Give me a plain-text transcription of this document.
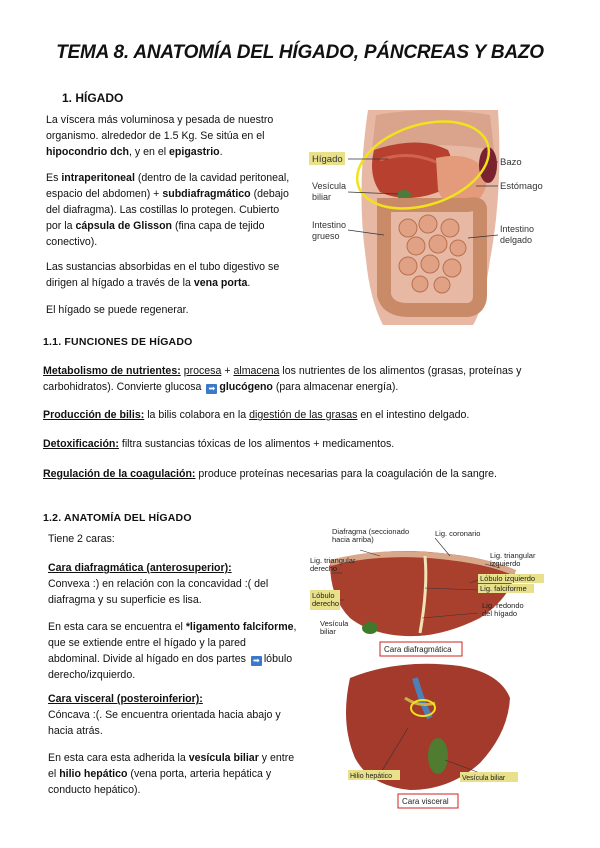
TEMA 8. ANATOMÍA DEL HÍGADO, PÁNCREAS Y BAZO
1. HÍGADO
La víscera más voluminosa y pesada de nuestro organismo. alrededor de 1.5 Kg. Se sitúa en el hipocondrio dch, y en el epigastrio.
Es intraperitoneal (dentro de la cavidad peritoneal, espacio del abdomen) + subdiafragmático (debajo del diafragma). Las costillas lo protegen. Cubierto por la cápsula de Glisson (fina capa de tejido conectivo).
Las sustancias absorbidas en el tubo digestivo se dirigen al hígado a través de la vena porta.
El hígado se puede regenerar.
Hígado
Vesícula biliar
Intestino grueso
Bazo
Estómago
Intestino delgado
1.1. FUNCIONES DE HÍGADO
Metabolismo de nutrientes: procesa + almacena los nutrientes de los alimentos (grasas, proteínas y carbohidratos). Convierte glucosa ➡ glucógeno (para almacenar energía).
Producción de bilis: la bilis colabora en la digestión de las grasas en el intestino delgado.
Detoxificación: filtra sustancias tóxicas de los alimentos + medicamentos.
Regulación de la coagulación: produce proteínas necesarias para la coagulación de la sangre.
1.2. ANATOMÍA DEL HÍGADO
Tiene 2 caras:
Cara diafragmática (anterosuperior):
Convexa :) en relación con la concavidad :( del diafragma y su superficie es lisa.
En esta cara se encuentra el *ligamento falciforme, que se extiende entre el hígado y la pared abdominal. Divide al hígado en dos partes ➡ lóbulo derecho/izquierdo.
Cara visceral (posteroinferior):
Cóncava :(. Se encuentra orientada hacia abajo y hacia atrás.
En esta cara esta adherida la vesícula biliar y entre el hilio hepático (vena porta, arteria hepática y conducto hepático).
Diafragma (seccionado hacia arriba)
Lig. coronario
Lig. triangular izquierdo
Lóbulo izquierdo
Lig. falciforme
Lig. redondo del hígado
Lig. triangular derecho
Lóbulo derecho
Vesícula biliar
Cara diafragmática
Hilio hepático	Vesícula biliar
Cara visceral
